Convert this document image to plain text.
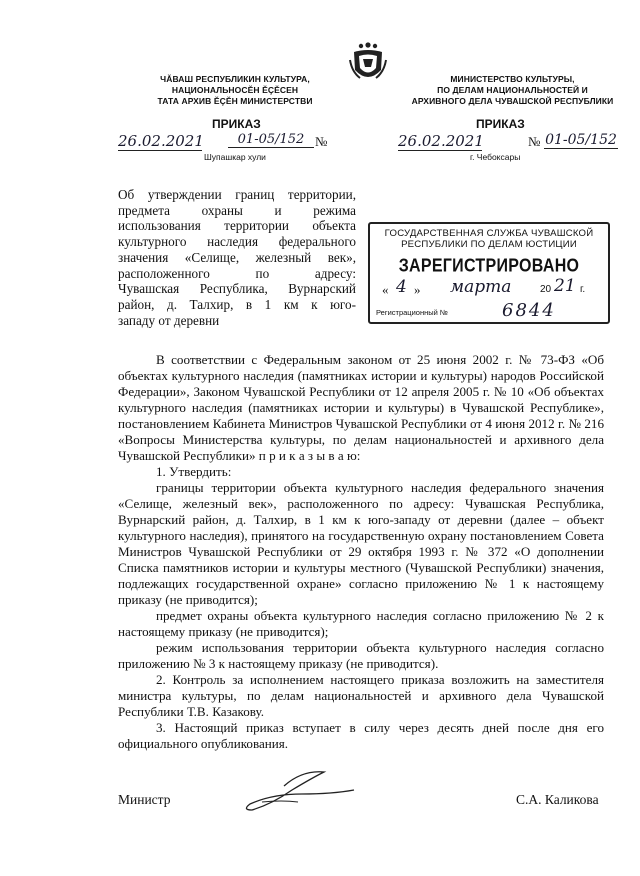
ЧĂВАШ РЕСПУБЛИКИН КУЛЬТУРА,
НАЦИОНАЛЬНОСĔН ĔÇĔСЕН
ТАТА АРХИВ ĔÇĔН МИНИСТЕРСТВИ
МИНИСТЕРСТВО КУЛЬТУРЫ,
ПО ДЕЛАМ НАЦИОНАЛЬНОСТЕЙ И
АРХИВНОГО ДЕЛА ЧУВАШСКОЙ РЕСПУБЛИКИ
ПРИКАЗ
26.02.2021	01-05/152 №
Шупашкар хули
ПРИКАЗ
26.02.2021	№ 01-05/152
г. Чебоксары
Об утверждении границ территории,
предмета охраны и режима
использования территории объекта
культурного наследия федерального
значения «Селище, железный век»,
расположенного по адресу:
Чувашская Республика, Вурнарский
район, д. Талхир, в 1 км к юго-
западу от деревни
ГОСУДАРСТВЕННАЯ СЛУЖБА ЧУВАШСКОЙ
РЕСПУБЛИКИ ПО ДЕЛАМ ЮСТИЦИИ
ЗАРЕГИСТРИРОВАНО
« 4 » марта	20 21 г.
Регистрационный №	6844

В соответствии с Федеральным законом от 25 июня 2002 г. № 73-ФЗ «Об объектах культурного наследия (памятниках истории и культуры) народов Российской Федерации», Законом Чувашской Республики от 12 апреля 2005 г. № 10 «Об объектах культурного наследия (памятниках истории и культуры) в Чувашской Республике», постановлением Кабинета Министров Чувашской Республики от 4 июня 2012 г. № 216 «Вопросы Министерства культуры, по делам национальностей и архивного дела Чувашской Республики» п р и к а з ы в а ю:

1. Утвердить:

границы территории объекта культурного наследия федерального значения «Селище, железный век», расположенного по адресу: Чувашская Республика, Вурнарский район, д. Талхир, в 1 км к юго-западу от деревни (далее – объект культурного наследия), принятого на государственную охрану постановлением Совета Министров Чувашской Республики от 29 октября 1993 г. № 372 «О дополнении Списка памятников истории и культуры местного (Чувашской Республики) значения, подлежащих государственной охране» согласно приложению № 1 к настоящему приказу (не приводится);

предмет охраны объекта культурного наследия согласно приложению № 2 к настоящему приказу (не приводится);

режим использования территории объекта культурного наследия согласно приложению № 3 к настоящему приказу (не приводится).

2. Контроль за исполнением настоящего приказа возложить на заместителя министра культуры, по делам национальностей и архивного дела Чувашской Республики Т.В. Казакову.

3. Настоящий приказ вступает в силу через десять дней после дня его официального опубликования.

Министр	С.А. Каликова
